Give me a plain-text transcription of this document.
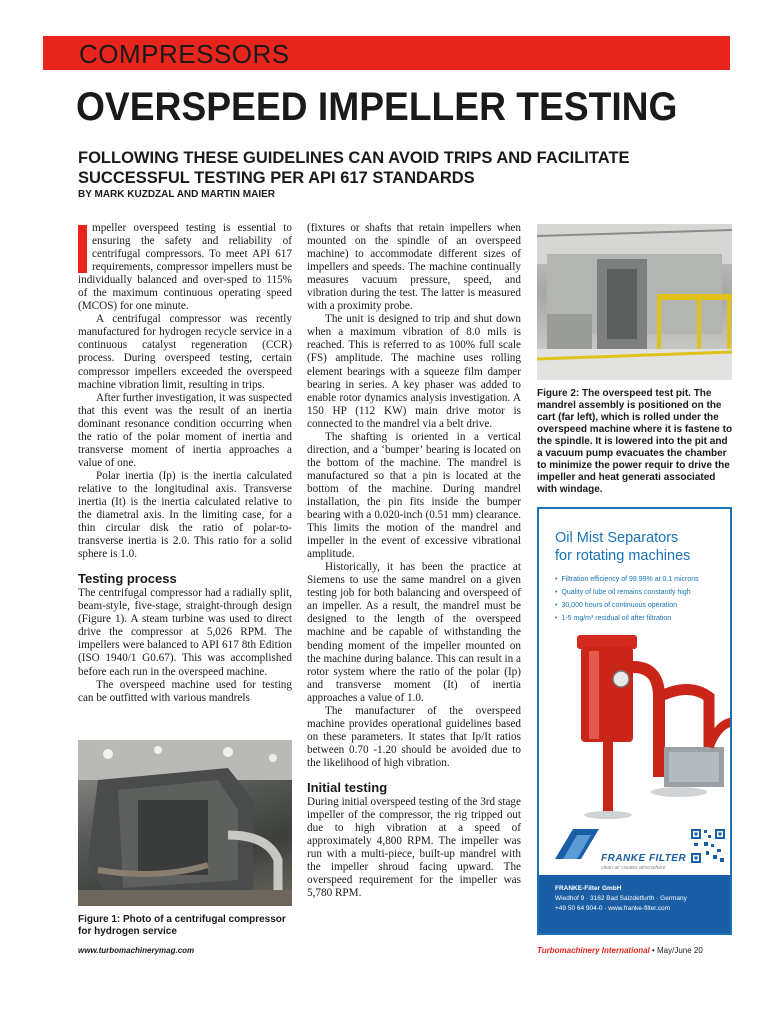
COMPRESSORS
OVERSPEED IMPELLER TESTING
FOLLOWING THESE GUIDELINES CAN AVOID TRIPS AND FACILITATE SUCCESSFUL TESTING PER API 617 STANDARDS
BY MARK KUZDZAL AND MARTIN MAIER

mpeller overspeed testing is essential to ensuring the safety and reliability of centrifugal compressors. To meet API 617 requirements, compressor impellers must be individually balanced and over-sped to 115% of the maximum continuous operating speed (MCOS) for one minute.

A centrifugal compressor was recently manufactured for hydrogen recycle service in a continuous catalyst regeneration (CCR) process. During overspeed testing, certain compressor impellers exceeded the overspeed machine vibration limit, resulting in trips.

After further investigation, it was suspected that this event was the result of an inertia dominant resonance condition occurring when the ratio of the polar moment of inertia and transverse moment of inertia approaches a value of one.

Polar inertia (Ip) is the inertia calculated relative to the longitudinal axis. Transverse inertia (It) is the inertia calculated relative to the diametral axis. In the limiting case, for a thin circular disk the ratio of polar-to-transverse inertia is 2.0. This ratio for a solid sphere is 1.0.

Testing process

The centrifugal compressor had a radially split, beam-style, five-stage, straight-through design (Figure 1). A steam turbine was used to direct drive the compressor at 5,026 RPM. The impellers were balanced to API 617 8th Edition (ISO 1940/1 G0.67). This was accomplished before each run in the overspeed machine.

The overspeed machine used for testing can be outfitted with various mandrels

(fixtures or shafts that retain impellers when mounted on the spindle of an overspeed machine) to accommodate different sizes of impellers and speeds. The machine continually measures vacuum pressure, speed, and vibration during the test. The latter is measured with a proximity probe.

The unit is designed to trip and shut down when a maximum vibration of 8.0 mils is reached. This is referred to as 100% full scale (FS) amplitude. The machine uses rolling element bearings with a squeeze film damper bearing in series. A key phaser was added to enable rotor dynamics analysis investigation. A 150 HP (112 KW) main drive motor is connected to the mandrel via a belt drive.

The shafting is oriented in a vertical direction, and a ‘bumper’ bearing is located on the bottom of the machine. The mandrel is manufactured so that a pin is located at the bottom of the machine. During mandrel installation, the pin fits inside the bumper bearing with a 0.020-inch (0.51 mm) clearance. This limits the motion of the mandrel and impeller in the event of excessive vibrational amplitude.

Historically, it has been the practice at Siemens to use the same mandrel on a given testing job for both balancing and overspeed of an impeller. As a result, the mandrel must be designed to the length of the overspeed machine and be capable of withstanding the bending moment of the impeller mounted on the machine during balance. This can result in a rotor system where the ratio of the polar (Ip) and transverse moment (It) of inertia approaches a value of 1.0.

The manufacturer of the overspeed machine provides operational guidelines based on these parameters. It states that Ip/It ratios between 0.70 -1.20 should be avoided due to the likelihood of high vibration.

Initial testing

During initial overspeed testing of the 3rd stage impeller of the compressor, the rig tripped out due to high vibration at a speed of approximately 4,800 RPM. The impeller was run with a multi-piece, built-up mandrel with the impeller shroud facing upward. The overspeed requirement for the impeller was 5,780 RPM.

Figure 1: Photo of a centrifugal compressor for hydrogen service
Figure 2: The overspeed test pit. The mandrel assembly is positioned on the cart (far left), which is rolled under the overspeed machine where it is fastene to the spindle. It is lowered into the pit and a vacuum pump evacuates the chamber to minimize the power requir to drive the impeller and heat generati associated with windage.
Oil Mist Separators
for rotating machines
• Filtration efficiency of 99.99% at 0.1 microns
• Quality of lube oil remains constantly high
• 30,000 hours of continuous operation
• 1-5 mg/m³ residual oil after filtration
FRANKE FILTER
clean air creates atmosphere
FRANKE-Filter GmbH
Wiedhof 9 · 3162 Bad Salzdetfurth · Germany
+49 50 64 904-0 · www.franke-filter.com
www.turbomachinerymag.com	Turbomachinery International • May/June 20
